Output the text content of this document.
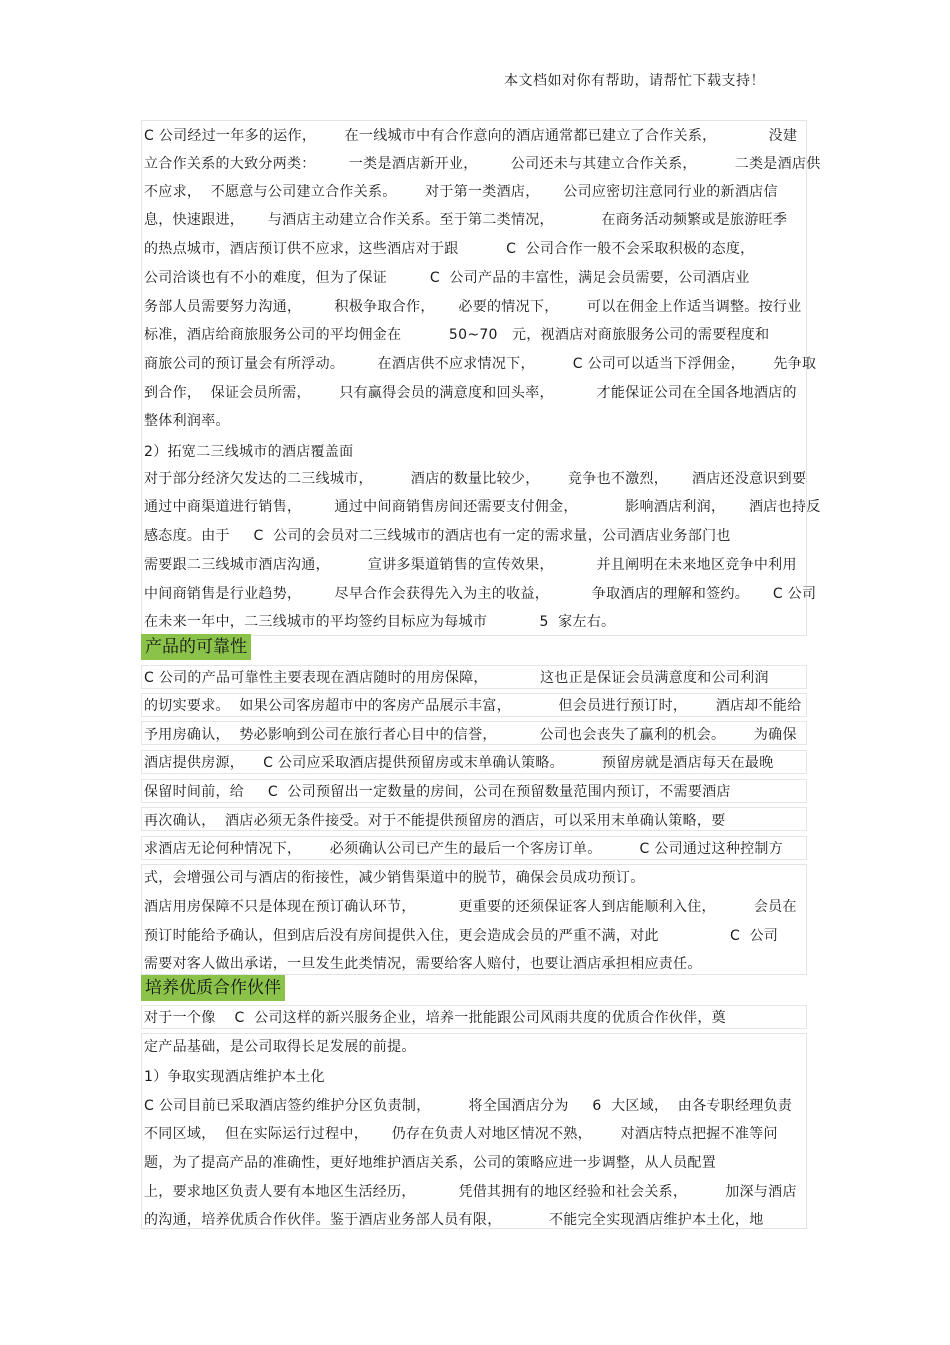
本文档如对你有帮助，请帮忙下载支持！
C 公司经过一年多的运作，      在一线城市中有合作意向的酒店通常都已建立了合作关系，           没建
立合作关系的大致分两类：       一类是酒店新开业，       公司还未与其建立合作关系，        二类是酒店供
不应求，  不愿意与公司建立合作关系。      对于第一类酒店，     公司应密切注意同行业的新酒店信
息，快速跟进，     与酒店主动建立合作关系。至于第二类情况，          在商务活动频繁或是旅游旺季
的热点城市，酒店预订供不应求，这些酒店对于跟          C  公司合作一般不会采取积极的态度，
公司洽谈也有不小的难度，但为了保证         C  公司产品的丰富性，满足会员需要，公司酒店业
务部人员需要努力沟通，       积极争取合作，     必要的情况下，      可以在佣金上作适当调整。按行业
标准，酒店给商旅服务公司的平均佣金在          50~70   元，视酒店对商旅服务公司的需要程度和
商旅公司的预订量会有所浮动。       在酒店供不应求情况下，        C 公司可以适当下浮佣金，      先争取
到合作，  保证会员所需，      只有赢得会员的满意度和回头率，         才能保证公司在全国各地酒店的
整体利润率。
2）拓宽二三线城市的酒店覆盖面
对于部分经济欠发达的二三线城市，        酒店的数量比较少，      竞争也不激烈，     酒店还没意识到要
通过中商渠道进行销售，       通过中间商销售房间还需要支付佣金，          影响酒店利润，     酒店也持反
感态度。由于     C  公司的会员对二三线城市的酒店也有一定的需求量，公司酒店业务部门也
需要跟二三线城市酒店沟通，        宣讲多渠道销售的宣传效果，         并且阐明在未来地区竞争中利用
中间商销售是行业趋势，       尽早合作会获得先入为主的收益，         争取酒店的理解和签约。     C 公司
在未来一年中，二三线城市的平均签约目标应为每城市           5  家左右。
产品的可靠性
C 公司的产品可靠性主要表现在酒店随时的用房保障，           这也正是保证会员满意度和公司利润
的切实要求。  如果公司客房超市中的客房产品展示丰富，          但会员进行预订时，      酒店却不能给
予用房确认，  势必影响到公司在旅行者心目中的信誉，         公司也会丧失了赢利的机会。      为确保
酒店提供房源，    C 公司应采取酒店提供预留房或末单确认策略。        预留房就是酒店每天在最晚
保留时间前，给     C  公司预留出一定数量的房间，公司在预留数量范围内预订，不需要酒店
再次确认，  酒店必须无条件接受。对于不能提供预留房的酒店，可以采用末单确认策略，要
求酒店无论何种情况下，      必须确认公司已产生的最后一个客房订单。        C 公司通过这种控制方
式，会增强公司与酒店的衔接性，减少销售渠道中的脱节，确保会员成功预订。
酒店用房保障不只是体现在预订确认环节，         更重要的还须保证客人到店能顺利入住，        会员在
预订时能给予确认，但到店后没有房间提供入住，更会造成会员的严重不满，对此               C  公司
需要对客人做出承诺，一旦发生此类情况，需要给客人赔付，也要让酒店承担相应责任。
培养优质合作伙伴
对于一个像    C  公司这样的新兴服务企业，培养一批能跟公司风雨共度的优质合作伙伴，奠
定产品基础，是公司取得长足发展的前提。
1）争取实现酒店维护本土化
C 公司目前已采取酒店签约维护分区负责制，        将全国酒店分为     6  大区域，  由各专职经理负责
不同区域，  但在实际运行过程中，     仍存在负责人对地区情况不熟，      对酒店特点把握不准等问
题，为了提高产品的准确性，更好地维护酒店关系，公司的策略应进一步调整，从人员配置
上，要求地区负责人要有本地区生活经历，         凭借其拥有的地区经验和社会关系，        加深与酒店
的沟通，培养优质合作伙伴。鉴于酒店业务部人员有限，          不能完全实现酒店维护本土化，地
